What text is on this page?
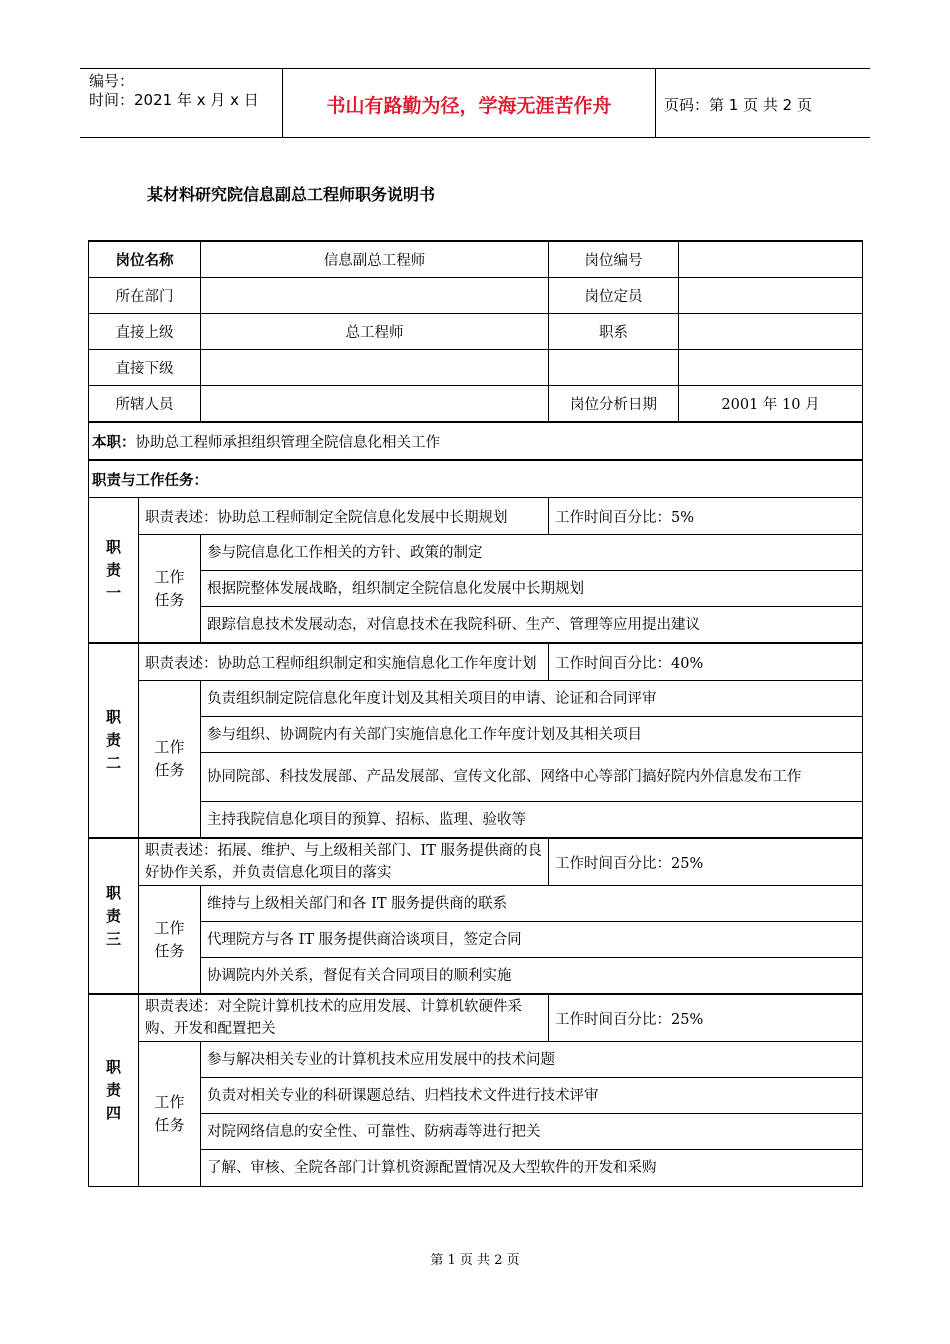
编号：
时间：2021 年 x 月 x 日	书山有路勤为径，学海无涯苦作舟	页码：第 1 页 共 2 页
某材料研究院信息副总工程师职务说明书
岗位名称		信息副总工程师	岗位编号	
所在部门			岗位定员	
直接上级		总工程师	职系	
直接下级				
所辖人员			岗位分析日期	2001 年 10 月
本职：协助总工程师承担组织管理全院信息化相关工作				
职责与工作任务：				
职
责
一	职责表述：协助总工程师制定全院信息化发展中长期规划		工作时间百分比：5%	
	工作
任务	参与院信息化工作相关的方针、政策的制定		
		根据院整体发展战略，组织制定全院信息化发展中长期规划		
		跟踪信息技术发展动态，对信息技术在我院科研、生产、管理等应用提出建议		
职
责
二	职责表述：协助总工程师组织制定和实施信息化工作年度计划		工作时间百分比：40%	
	工作
任务	负责组织制定院信息化年度计划及其相关项目的申请、论证和合同评审		
		参与组织、协调院内有关部门实施信息化工作年度计划及其相关项目		
		协同院部、科技发展部、产品发展部、宣传文化部、网络中心等部门搞好院内外信息发布工作		
		主持我院信息化项目的预算、招标、监理、验收等		
职
责
三	职责表述：拓展、维护、与上级相关部门、IT 服务提供商的良好协作关系，并负责信息化项目的落实		工作时间百分比：25%	
	工作
任务	维持与上级相关部门和各 IT 服务提供商的联系		
		代理院方与各 IT 服务提供商洽谈项目，签定合同		
		协调院内外关系，督促有关合同项目的顺利实施		
职
责
四	职责表述：对全院计算机技术的应用发展、计算机软硬件采购、开发和配置把关		工作时间百分比：25%	
	工作
任务	参与解决相关专业的计算机技术应用发展中的技术问题		
		负责对相关专业的科研课题总结、归档技术文件进行技术评审		
		对院网络信息的安全性、可靠性、防病毒等进行把关		
		了解、审核、全院各部门计算机资源配置情况及大型软件的开发和采购		
第 1 页 共 2 页
